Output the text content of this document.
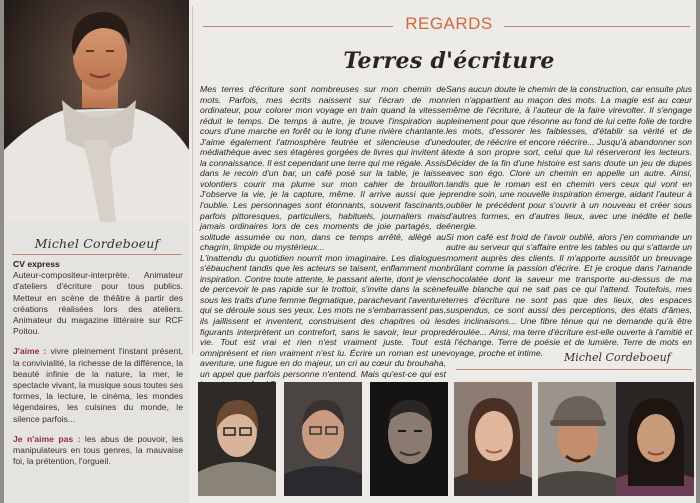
Michel Cordeboeuf
CV express
Auteur-compositeur-interprète. Animateur d'ateliers d'écriture pour tous publics. Metteur en scène de théâtre à partir des créations réalisées lors des ateliers. Animateur du magazine littéraire sur RCF Poitou.
J'aime : vivre pleinement l'instant présent, la convivialité, la richesse de la différence, la beauté infinie de la nature, la mer, le spectacle vivant, la musique sous toutes ses formes, la lecture, le cinéma, les mondes légendaires, les cuisines du monde, le silence parfois...
Je n'aime pas : les abus de pouvoir, les manipulateurs en tous genres, la mauvaise foi, la prétention, l'orgueil.
REGARDS
Terres d'écriture

Mes terres d'écriture sont nombreuses sur mon chemin de mots. Parfois, mes écrits naissent sur l'écran de mon ordinateur, pour colorer mon voyage en train quand la vitesse réduit le temps. De temps à autre, je trouve l'inspiration au cours d'une marche en forêt ou le long d'une rivière chantante. J'aime également l'atmosphère feutrée et silencieuse d'une médiathèque avec ses étagères gorgées de livres qui invitent à la connaissance. Il est cependant une terre qui me régale. Assis dans le recoin d'un bar, un café posé sur la table, je laisse volontiers courir ma plume sur mon cahier de brouillon. J'observe la vie, je la capture, même. Il arrive aussi que je l'oublie. Les personnages sont étonnants, souvent fascinants, parfois pittoresques, particuliers, habituels, journaliers mais jamais ordinaires lors de ces moments de joie partagés, de solitude assumée ou non, dans ce temps arrêté, allégé au chagrin, limpide ou mystérieux...

L'inattendu du quotidien nourrit mon imaginaire. Les dialogues s'ébauchent tandis que les acteurs se taisent, enflamment mon inspiration. Contre toute attente, le passant alerte, dont je viens de percevoir le pas rapide sur le trottoir, s'invite dans la scène sous les traits d'une femme flegmatique, parachevant l'aventure qui se déroule sous ses yeux. Les mots ne s'embarrassent pas, ils jaillissent et inventent, construisent des chapitres où les figurants interprètent un contrefort, sans le savoir, leur propre vie. Tout est vrai et rien n'est vraiment juste. Tout est omniprésent et rien vraiment n'est lu. Écrire un roman est une aventure, une fugue en do majeur, un cri au cœur du brouhaha, un appel que parfois personne n'entend. Mais qu'est-ce qui est

Sans aucun doute le chemin de la construction, car ensuite plus rien n'appartient au maçon des mots. La magie est au cœur même de l'écriture, à l'auteur de la faire virevolter. Il s'engage pleinement pour que résonne au fond de lui cette folie de tordre les mots, d'essorer les faiblesses, d'établir sa vérité et de douter, de réécrire et encore réécrire... Jusqu'à abandonner son texte à son propre sort, celui que lui réserveront les lecteurs. Décider de la fin d'une histoire est sans doute un jeu de dupes avec son égo. Clore un chemin en appelle un autre. Ainsi, tandis que le roman est en chemin vers ceux qui vont en prendre soin, une nouvelle inspiration émerge, aidant l'auteur à oublier le précédent pour s'ouvrir à un nouveau et créer sous d'autres formes, en d'autres lieux, avec une inédite et belle énergie.

Si mon café est froid de l'avoir oublié, alors j'en commande un autre au serveur qui s'affaire entre les tables ou qui s'attarde un moment auprès des clients. Il m'apporte aussitôt un breuvage brûlant comme la passion d'écrire. Et je croque dans l'amande chocolatée dont la saveur me transporte au-dessus de ma feuille blanche qui ne sait pas ce qui l'attend. Toutefois, mes terres d'écriture ne sont pas que des lieux, des espaces suspendus, ce sont aussi des perceptions, des états d'âmes, des inclinaisons... Une fibre ténue qui ne demande qu'à être déroulée... Ainsi, ma terre d'écriture est-elle ouverte à l'amitié et à l'échange. Terre de poésie et de lumière. Terre de mots en voyage, proche et intime.	Michel Cordeboeuf
